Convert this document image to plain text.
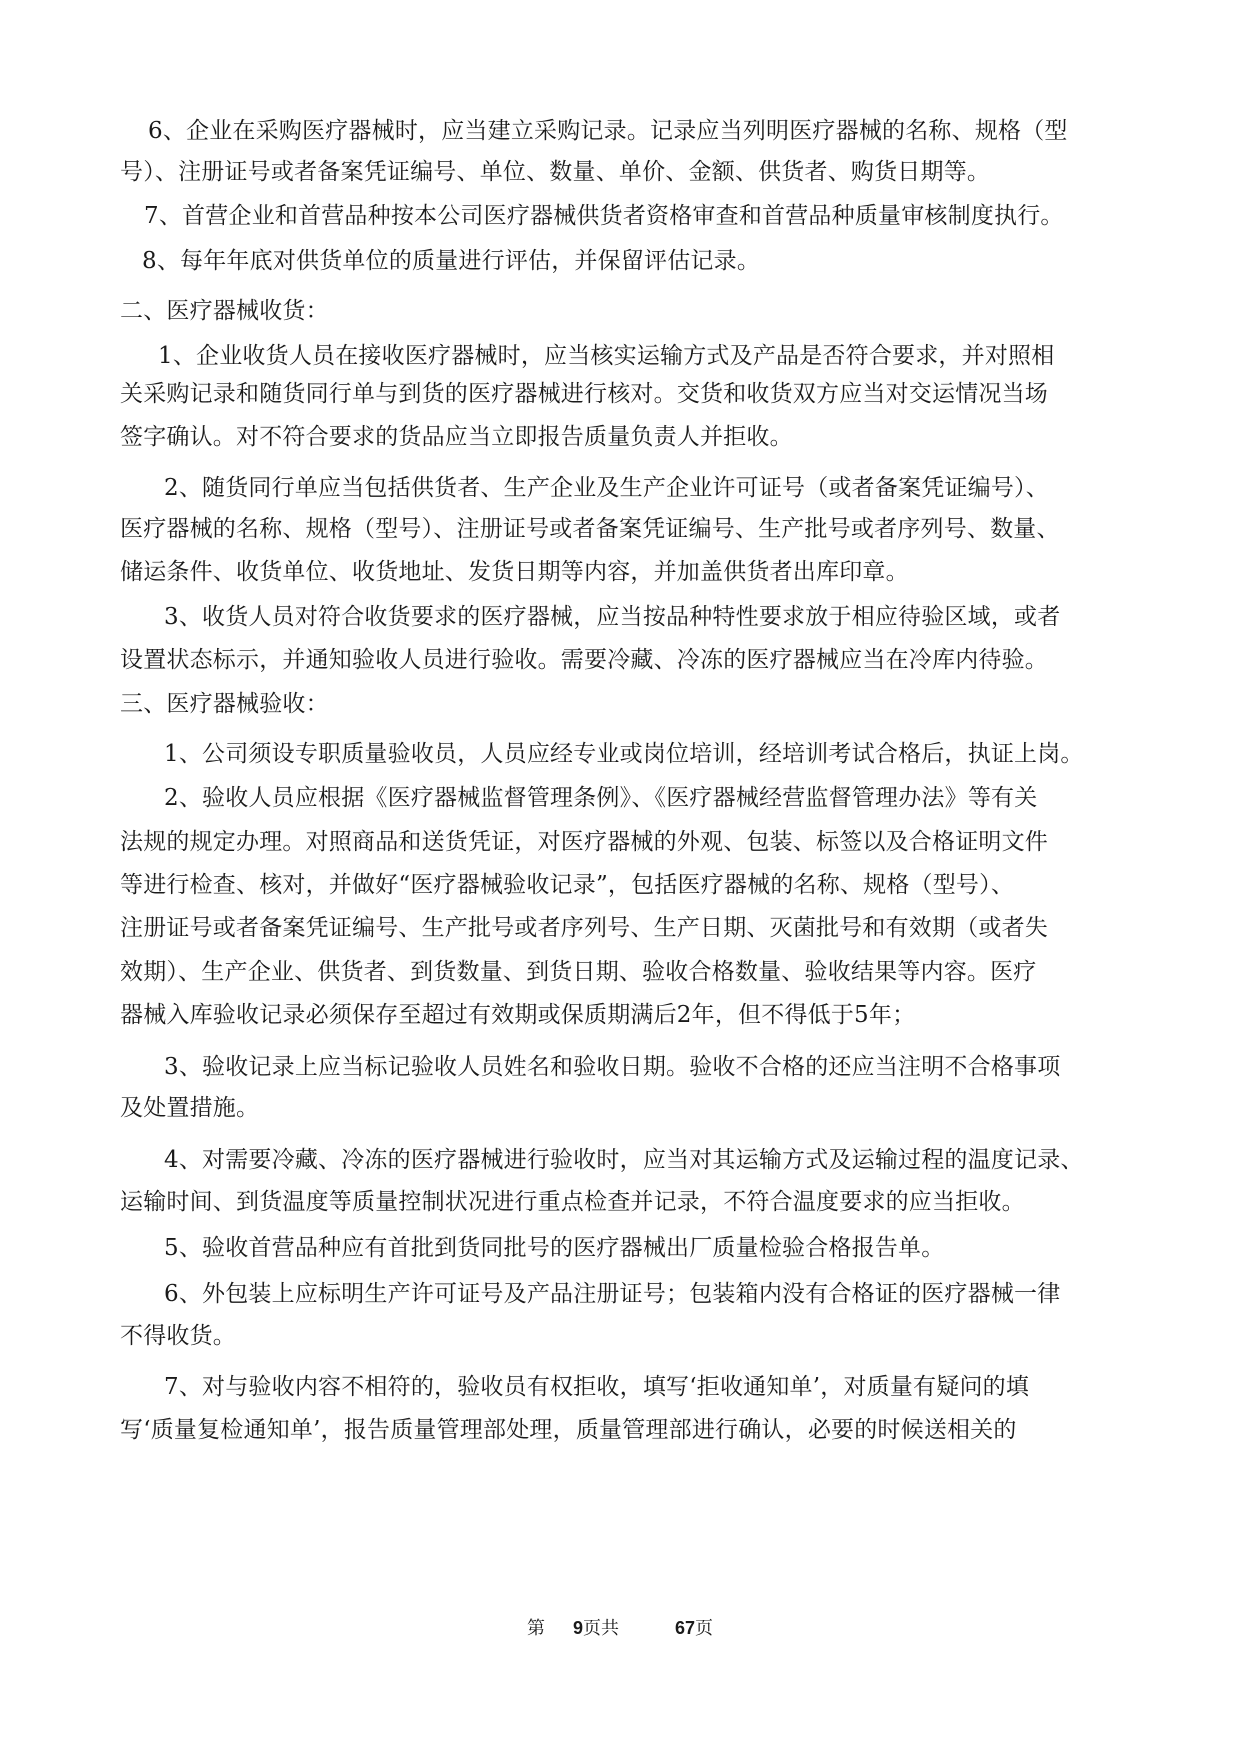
6、企业在采购医疗器械时，应当建立采购记录。记录应当列明医疗器械的名称、规格（型
号）、注册证号或者备案凭证编号、单位、数量、单价、金额、供货者、购货日期等。
7、首营企业和首营品种按本公司医疗器械供货者资格审查和首营品种质量审核制度执行。
8、每年年底对供货单位的质量进行评估，并保留评估记录。
二、医疗器械收货：
1、企业收货人员在接收医疗器械时，应当核实运输方式及产品是否符合要求，并对照相
关采购记录和随货同行单与到货的医疗器械进行核对。交货和收货双方应当对交运情况当场
签字确认。对不符合要求的货品应当立即报告质量负责人并拒收。
2、随货同行单应当包括供货者、生产企业及生产企业许可证号（或者备案凭证编号）、
医疗器械的名称、规格（型号）、注册证号或者备案凭证编号、生产批号或者序列号、数量、
储运条件、收货单位、收货地址、发货日期等内容，并加盖供货者出库印章。
3、收货人员对符合收货要求的医疗器械，应当按品种特性要求放于相应待验区域，或者
设置状态标示，并通知验收人员进行验收。需要冷藏、冷冻的医疗器械应当在冷库内待验。
三、医疗器械验收：
1、公司须设专职质量验收员，人员应经专业或岗位培训，经培训考试合格后，执证上岗。
2、验收人员应根据《医疗器械监督管理条例》、《医疗器械经营监督管理办法》等有关
法规的规定办理。对照商品和送货凭证，对医疗器械的外观、包装、标签以及合格证明文件
等进行检查、核对，并做好“医疗器械验收记录”，包括医疗器械的名称、规格（型号）、
注册证号或者备案凭证编号、生产批号或者序列号、生产日期、灭菌批号和有效期（或者失
效期）、生产企业、供货者、到货数量、到货日期、验收合格数量、验收结果等内容。医疗
器械入库验收记录必须保存至超过有效期或保质期满后2年，但不得低于5年；
3、验收记录上应当标记验收人员姓名和验收日期。验收不合格的还应当注明不合格事项
及处置措施。
4、对需要冷藏、冷冻的医疗器械进行验收时，应当对其运输方式及运输过程的温度记录、
运输时间、到货温度等质量控制状况进行重点检查并记录，不符合温度要求的应当拒收。
5、验收首营品种应有首批到货同批号的医疗器械出厂质量检验合格报告单。
6、外包装上应标明生产许可证号及产品注册证号；包装箱内没有合格证的医疗器械一律
不得收货。
7、对与验收内容不相符的，验收员有权拒收，填写‘拒收通知单’，对质量有疑问的填
写‘质量复检通知单’，报告质量管理部处理，质量管理部进行确认，必要的时候送相关的
第 9页共	67页
